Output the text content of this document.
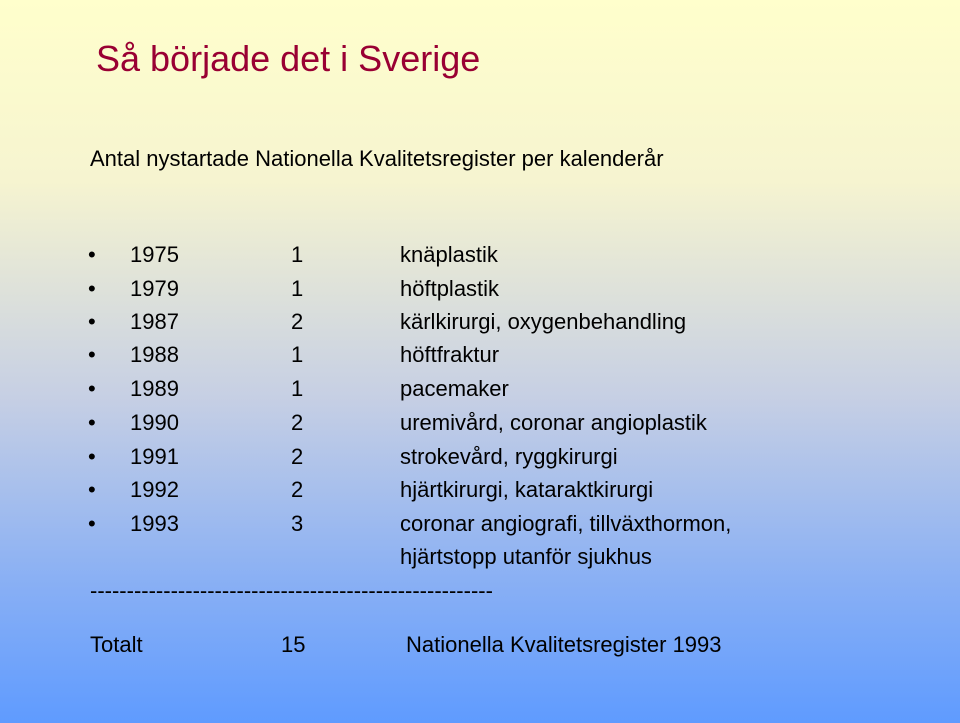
Så började det i Sverige
Antal nystartade Nationella Kvalitetsregister per kalenderår
• 1975	1	knäplastik
• 1979	1	höftplastik
• 1987	2	kärlkirurgi, oxygenbehandling
• 1988	1	höftfraktur
• 1989	1	pacemaker
• 1990	2	uremivård, coronar angioplastik
• 1991	2	strokevård, ryggkirurgi
• 1992	2	hjärtkirurgi, kataraktkirurgi
• 1993	3	coronar angiografi, tillväxthormon,
hjärtstopp utanför sjukhus
-------------------------------------------------------
Totalt	15	Nationella Kvalitetsregister 1993
